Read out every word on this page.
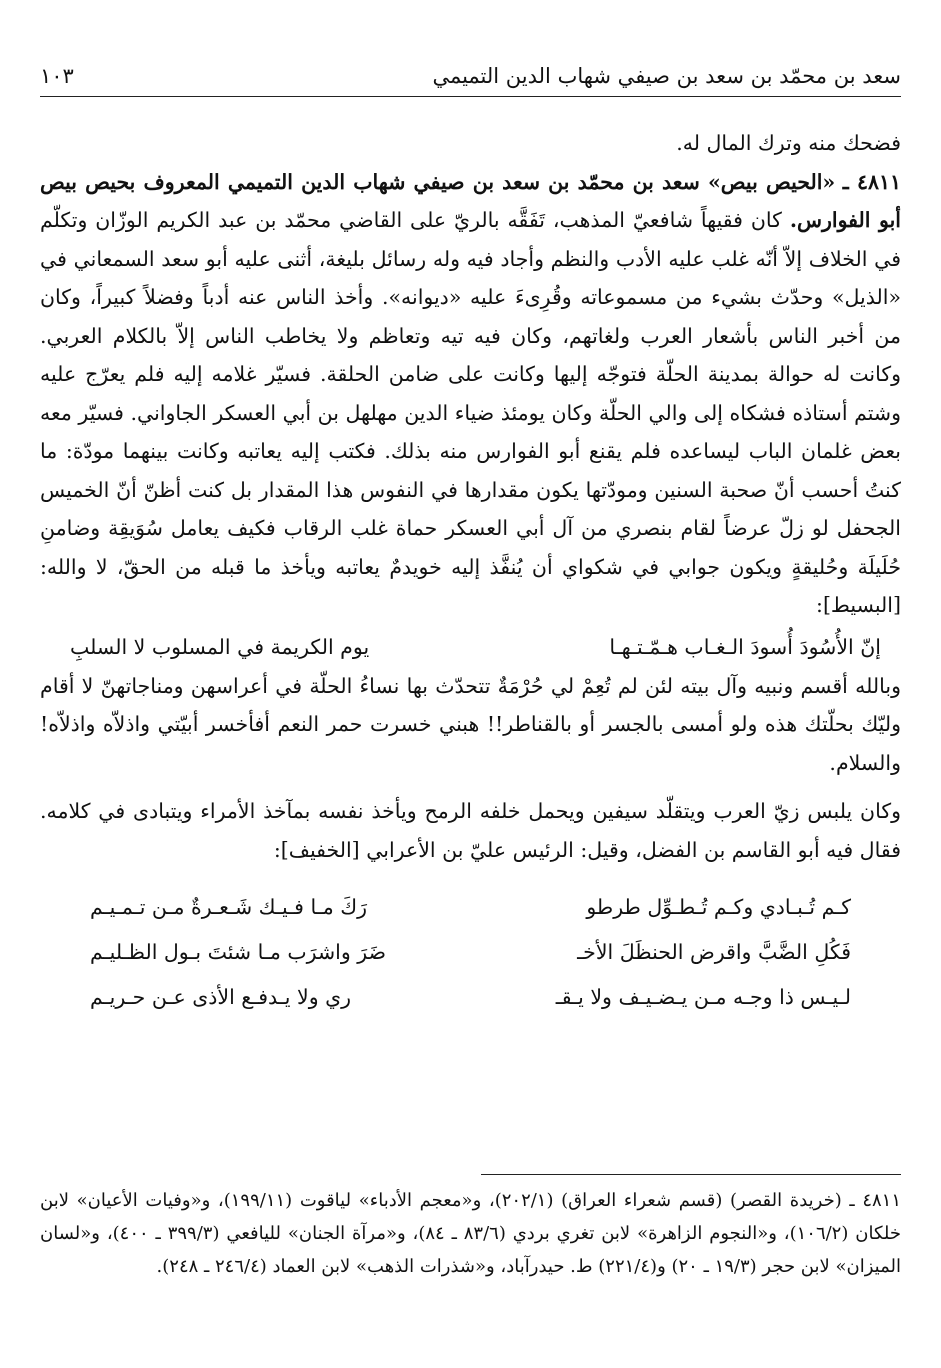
سعد بن محمّد بن سعد بن صيفي شهاب الدين التميمي
١٠٣

فضحك منه وترك المال له.

٤٨١١ ـ «الحيص بيص» سعد بن محمّد بن سعد بن صيفي شهاب الدين التميمي المعروف بحيص بيص أبو الفوارس. كان فقيهاً شافعيّ المذهب، تَفَقَّه بالريّ على القاضي محمّد بن عبد الكريم الوزّان وتكلّم في الخلاف إلاّ أنّه غلب عليه الأدب والنظم وأجاد فيه وله رسائل بليغة، أثنى عليه أبو سعد السمعاني في «الذيل» وحدّث بشيء من مسموعاته وقُرِىءَ عليه «ديوانه». وأخذ الناس عنه أدباً وفضلاً كبيراً، وكان من أخبر الناس بأشعار العرب ولغاتهم، وكان فيه تيه وتعاظم ولا يخاطب الناس إلاّ بالكلام العربي. وكانت له حوالة بمدينة الحلّة فتوجّه إليها وكانت على ضامن الحلقة. فسيّر غلامه إليه فلم يعرّج عليه وشتم أستاذه فشكاه إلى والي الحلّة وكان يومئذ ضياء الدين مهلهل بن أبي العسكر الجاواني. فسيّر معه بعض غلمان الباب ليساعده فلم يقنع أبو الفوارس منه بذلك. فكتب إليه يعاتبه وكانت بينهما مودّة: ما كنتُ أحسب أنّ صحبة السنين ومودّتها يكون مقدارها في النفوس هذا المقدار بل كنت أظنّ أنّ الخميس الجحفل لو زلّ عرضاً لقام بنصري من آل أبي العسكر حماة غلب الرقاب فكيف يعامل سُوَيقِة وضامنِ حُلَيلَة وحُليقةٍ ويكون جوابي في شكواي أن يُنفَّذ إليه خويدمٌ يعاتبه ويأخذ ما قبله من الحقّ، لا والله: [البسيط]:

إنّ الأُسُودَ أُسودَ الـغـاب هـمّـتـهـا
يوم الكريمة في المسلوب لا السلبِ

وبالله أقسم ونبيه وآل بيته لئن لم تُعِمْ لي حُرْمَةٌ تتحدّث بها نساءُ الحلّة في أعراسهن ومناجاتهنّ لا أقام وليّك بحلّتك هذه ولو أمسى بالجسر أو بالقناطر!! هبني خسرت حمر النعم أفأخسر أبيّتي واذلاّه واذلاّه! والسلام.

وكان يلبس زيّ العرب ويتقلّد سيفين ويحمل خلفه الرمح ويأخذ نفسه بمآخذ الأمراء ويتبادى في كلامه. فقال فيه أبو القاسم بن الفضل، وقيل: الرئيس عليّ بن الأعرابي [الخفيف]:

كـم تُـبـادي وكـم تُـطـوِّل طرطو
رَكَ مـا فـيـك شَـعـرةٌ مـن تـمـيـم
فَكُلِ الضَّبَّ واقرض الحنظَلَ الأخـ
ضَرَ واشرَب مـا شئتَ بـول الظـليـم
لـيـس ذا وجـه مـن يـضـيـف ولا يـقـ
ري ولا يـدفـع الأذى عـن حـريـم

٤٨١١ ـ (خريدة القصر) (قسم شعراء العراق) (٢٠٢/١)، و«معجم الأدباء» لياقوت (١٩٩/١١)، و«وفيات الأعيان» لابن خلكان (١٠٦/٢)، و«النجوم الزاهرة» لابن تغري بردي (٨٣/٦ ـ ٨٤)، و«مرآة الجنان» لليافعي (٣٩٩/٣ ـ ٤٠٠)، و«لسان الميزان» لابن حجر (١٩/٣ ـ ٢٠) و(٢٢١/٤) ط. حيدرآباد، و«شذرات الذهب» لابن العماد (٢٤٦/٤ ـ ٢٤٨).
